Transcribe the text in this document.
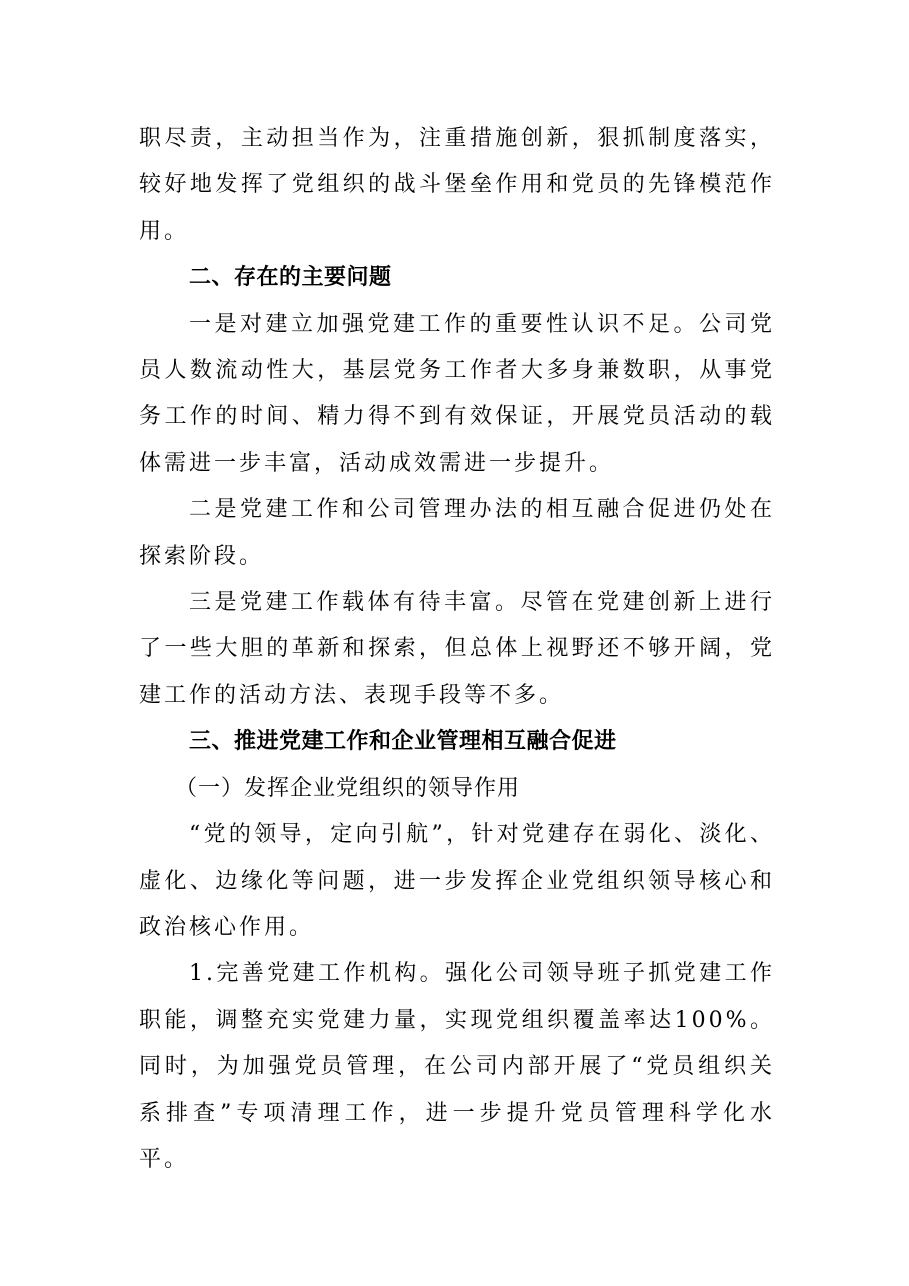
职尽责，主动担当作为，注重措施创新，狠抓制度落实，较好地发挥了党组织的战斗堡垒作用和党员的先锋模范作用。

二、存在的主要问题

一是对建立加强党建工作的重要性认识不足。公司党员人数流动性大，基层党务工作者大多身兼数职，从事党务工作的时间、精力得不到有效保证，开展党员活动的载体需进一步丰富，活动成效需进一步提升。

二是党建工作和公司管理办法的相互融合促进仍处在探索阶段。

三是党建工作载体有待丰富。尽管在党建创新上进行了一些大胆的革新和探索，但总体上视野还不够开阔，党建工作的活动方法、表现手段等不多。

三、推进党建工作和企业管理相互融合促进

（一）发挥企业党组织的领导作用

“党的领导，定向引航”，针对党建存在弱化、淡化、虚化、边缘化等问题，进一步发挥企业党组织领导核心和政治核心作用。

1.完善党建工作机构。强化公司领导班子抓党建工作职能，调整充实党建力量，实现党组织覆盖率达100%。同时，为加强党员管理，在公司内部开展了“党员组织关系排查”专项清理工作，进一步提升党员管理科学化水平。
